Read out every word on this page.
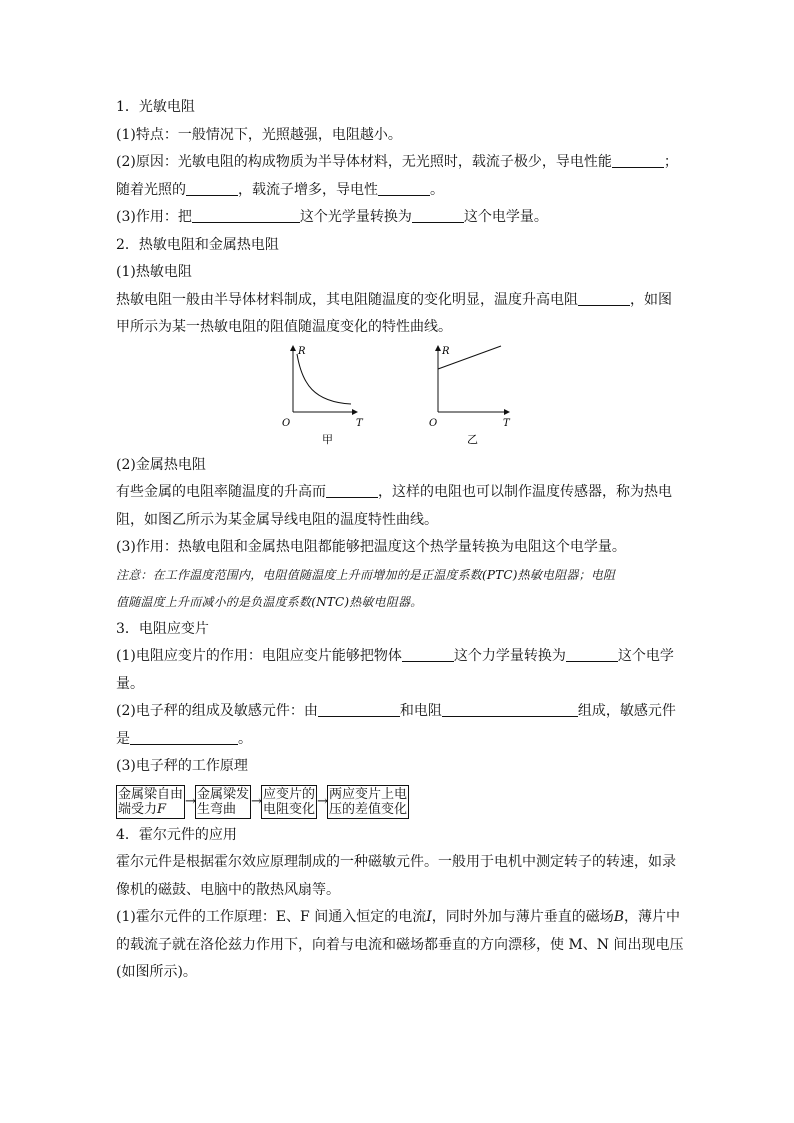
1．光敏电阻
(1)特点：一般情况下，光照越强，电阻越小。
(2)原因：光敏电阻的构成物质为半导体材料，无光照时，载流子极少，导电性能	；
随着光照的	，载流子增多，导电性	。
(3)作用：把	这个光学量转换为	这个电学量。
2．热敏电阻和金属热电阻
(1)热敏电阻
热敏电阻一般由半导体材料制成，其电阻随温度的变化明显，温度升高电阻	，如图
甲所示为某一热敏电阻的阻值随温度变化的特性曲线。
R
O	T
甲
R
O	T
乙
(2)金属热电阻
有些金属的电阻率随温度的升高而	，这样的电阻也可以制作温度传感器，称为热电
阻，如图乙所示为某金属导线电阻的温度特性曲线。
(3)作用：热敏电阻和金属热电阻都能够把温度这个热学量转换为电阻这个电学量。
注意：在工作温度范围内，电阻值随温度上升而增加的是正温度系数(PTC)热敏电阻器；电阻
值随温度上升而减小的是负温度系数(NTC)热敏电阻器。
3．电阻应变片
(1)电阻应变片的作用：电阻应变片能够把物体	这个力学量转换为	这个电学
量。
(2)电子秤的组成及敏感元件：由	和电阻	组成，敏感元件
是	。
(3)电子秤的工作原理
金属梁自由
端受力F	→ 金属梁发
生弯曲	→ 应变片的
电阻变化 → 两应变片上电
压的差值变化
4．霍尔元件的应用
霍尔元件是根据霍尔效应原理制成的一种磁敏元件。一般用于电机中测定转子的转速，如录
像机的磁鼓、电脑中的散热风扇等。
(1)霍尔元件的工作原理：E、F 间通入恒定的电流I，同时外加与薄片垂直的磁场B，薄片中
的载流子就在洛伦兹力作用下，向着与电流和磁场都垂直的方向漂移，使 M、N 间出现电压
(如图所示)。
